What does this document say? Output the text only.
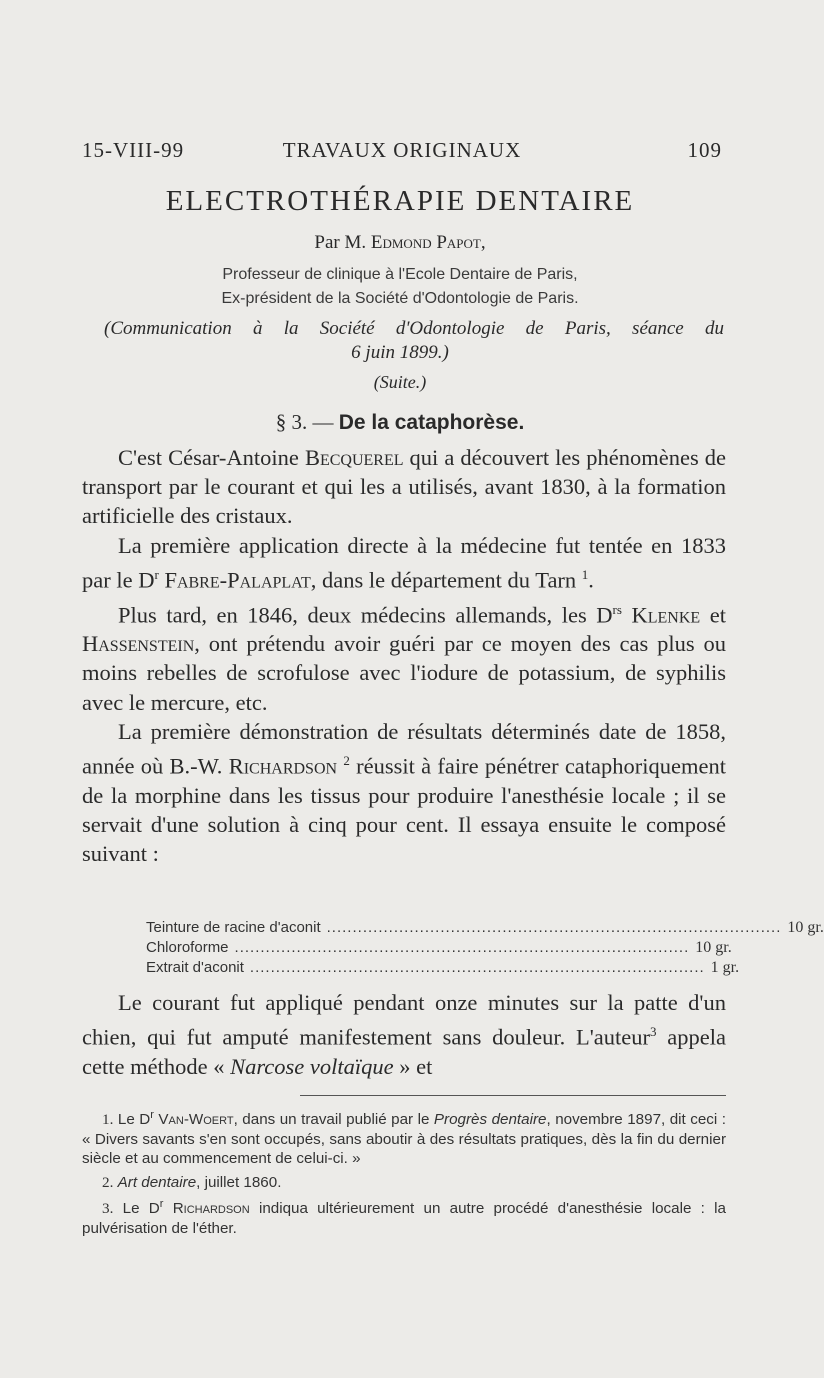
15-VIII-99	TRAVAUX ORIGINAUX	109
ELECTROTHÉRAPIE DENTAIRE
Par M. Edmond Papot,
Professeur de clinique à l'Ecole Dentaire de Paris,
Ex-président de la Société d'Odontologie de Paris.
(Communication à la Société d'Odontologie de Paris, séance du
6 juin 1899.)
(Suite.)
§ 3. — De la cataphorèse.

C'est César-Antoine Becquerel qui a découvert les phénomènes de transport par le courant et qui les a utilisés, avant 1830, à la formation artificielle des cristaux.

La première application directe à la médecine fut tentée en 1833 par le $D^r$ Fabre-Palaplat, dans le département du Tarn $^1$.

Plus tard, en 1846, deux médecins allemands, les $D^{rs}$ Klenke et Hassenstein, ont prétendu avoir guéri par ce moyen des cas plus ou moins rebelles de scrofulose avec l'iodure de potassium, de syphilis avec le mercure, etc.

La première démonstration de résultats déterminés date de 1858, année où B.-W. Richardson $^2$ réussit à faire pénétrer cataphoriquement de la morphine dans les tissus pour produire l'anesthésie locale ; il se servait d'une solution à cinq pour cent. Il essaya ensuite le composé suivant :

Teinture de racine d'aconit ........................................................................................ 10 gr.
Chloroforme ........................................................................................ 10 gr.
Extrait d'aconit ........................................................................................ 1 gr.

Le courant fut appliqué pendant onze minutes sur la patte d'un chien, qui fut amputé manifestement sans douleur. L'auteur$^3$ appela cette méthode « Narcose voltaïque » et

1. Le $D^r$ Van-Woert, dans un travail publié par le Progrès dentaire, novembre 1897, dit ceci : « Divers savants s'en sont occupés, sans aboutir à des résultats pratiques, dès la fin du dernier siècle et au commencement de celui-ci. »

2. Art dentaire, juillet 1860.

3. Le $D^r$ Richardson indiqua ultérieurement un autre procédé d'anesthésie locale : la pulvérisation de l'éther.
